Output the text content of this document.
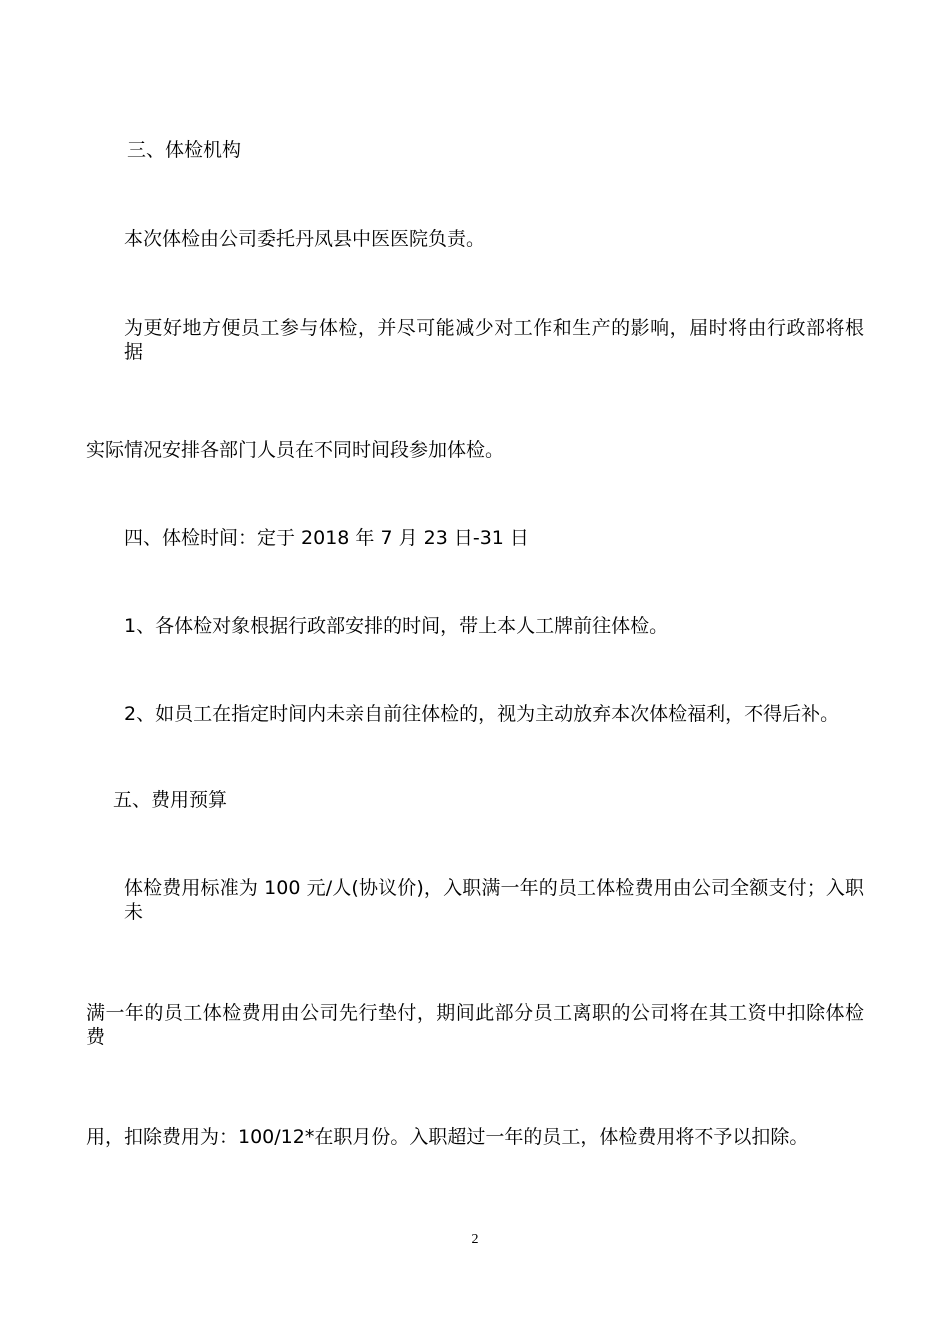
三、体检机构

本次体检由公司委托丹凤县中医医院负责。

为更好地方便员工参与体检，并尽可能减少对工作和生产的影响，届时将由行政部将根据

实际情况安排各部门人员在不同时间段参加体检。

四、体检时间：定于 2018 年 7 月 23 日-31 日

1、各体检对象根据行政部安排的时间，带上本人工牌前往体检。

2、如员工在指定时间内未亲自前往体检的，视为主动放弃本次体检福利，不得后补。

五、费用预算

体检费用标准为 100 元/人(协议价)，入职满一年的员工体检费用由公司全额支付；入职未

满一年的员工体检费用由公司先行垫付，期间此部分员工离职的公司将在其工资中扣除体检费

用，扣除费用为：100/12*在职月份。入职超过一年的员工，体检费用将不予以扣除。

2
